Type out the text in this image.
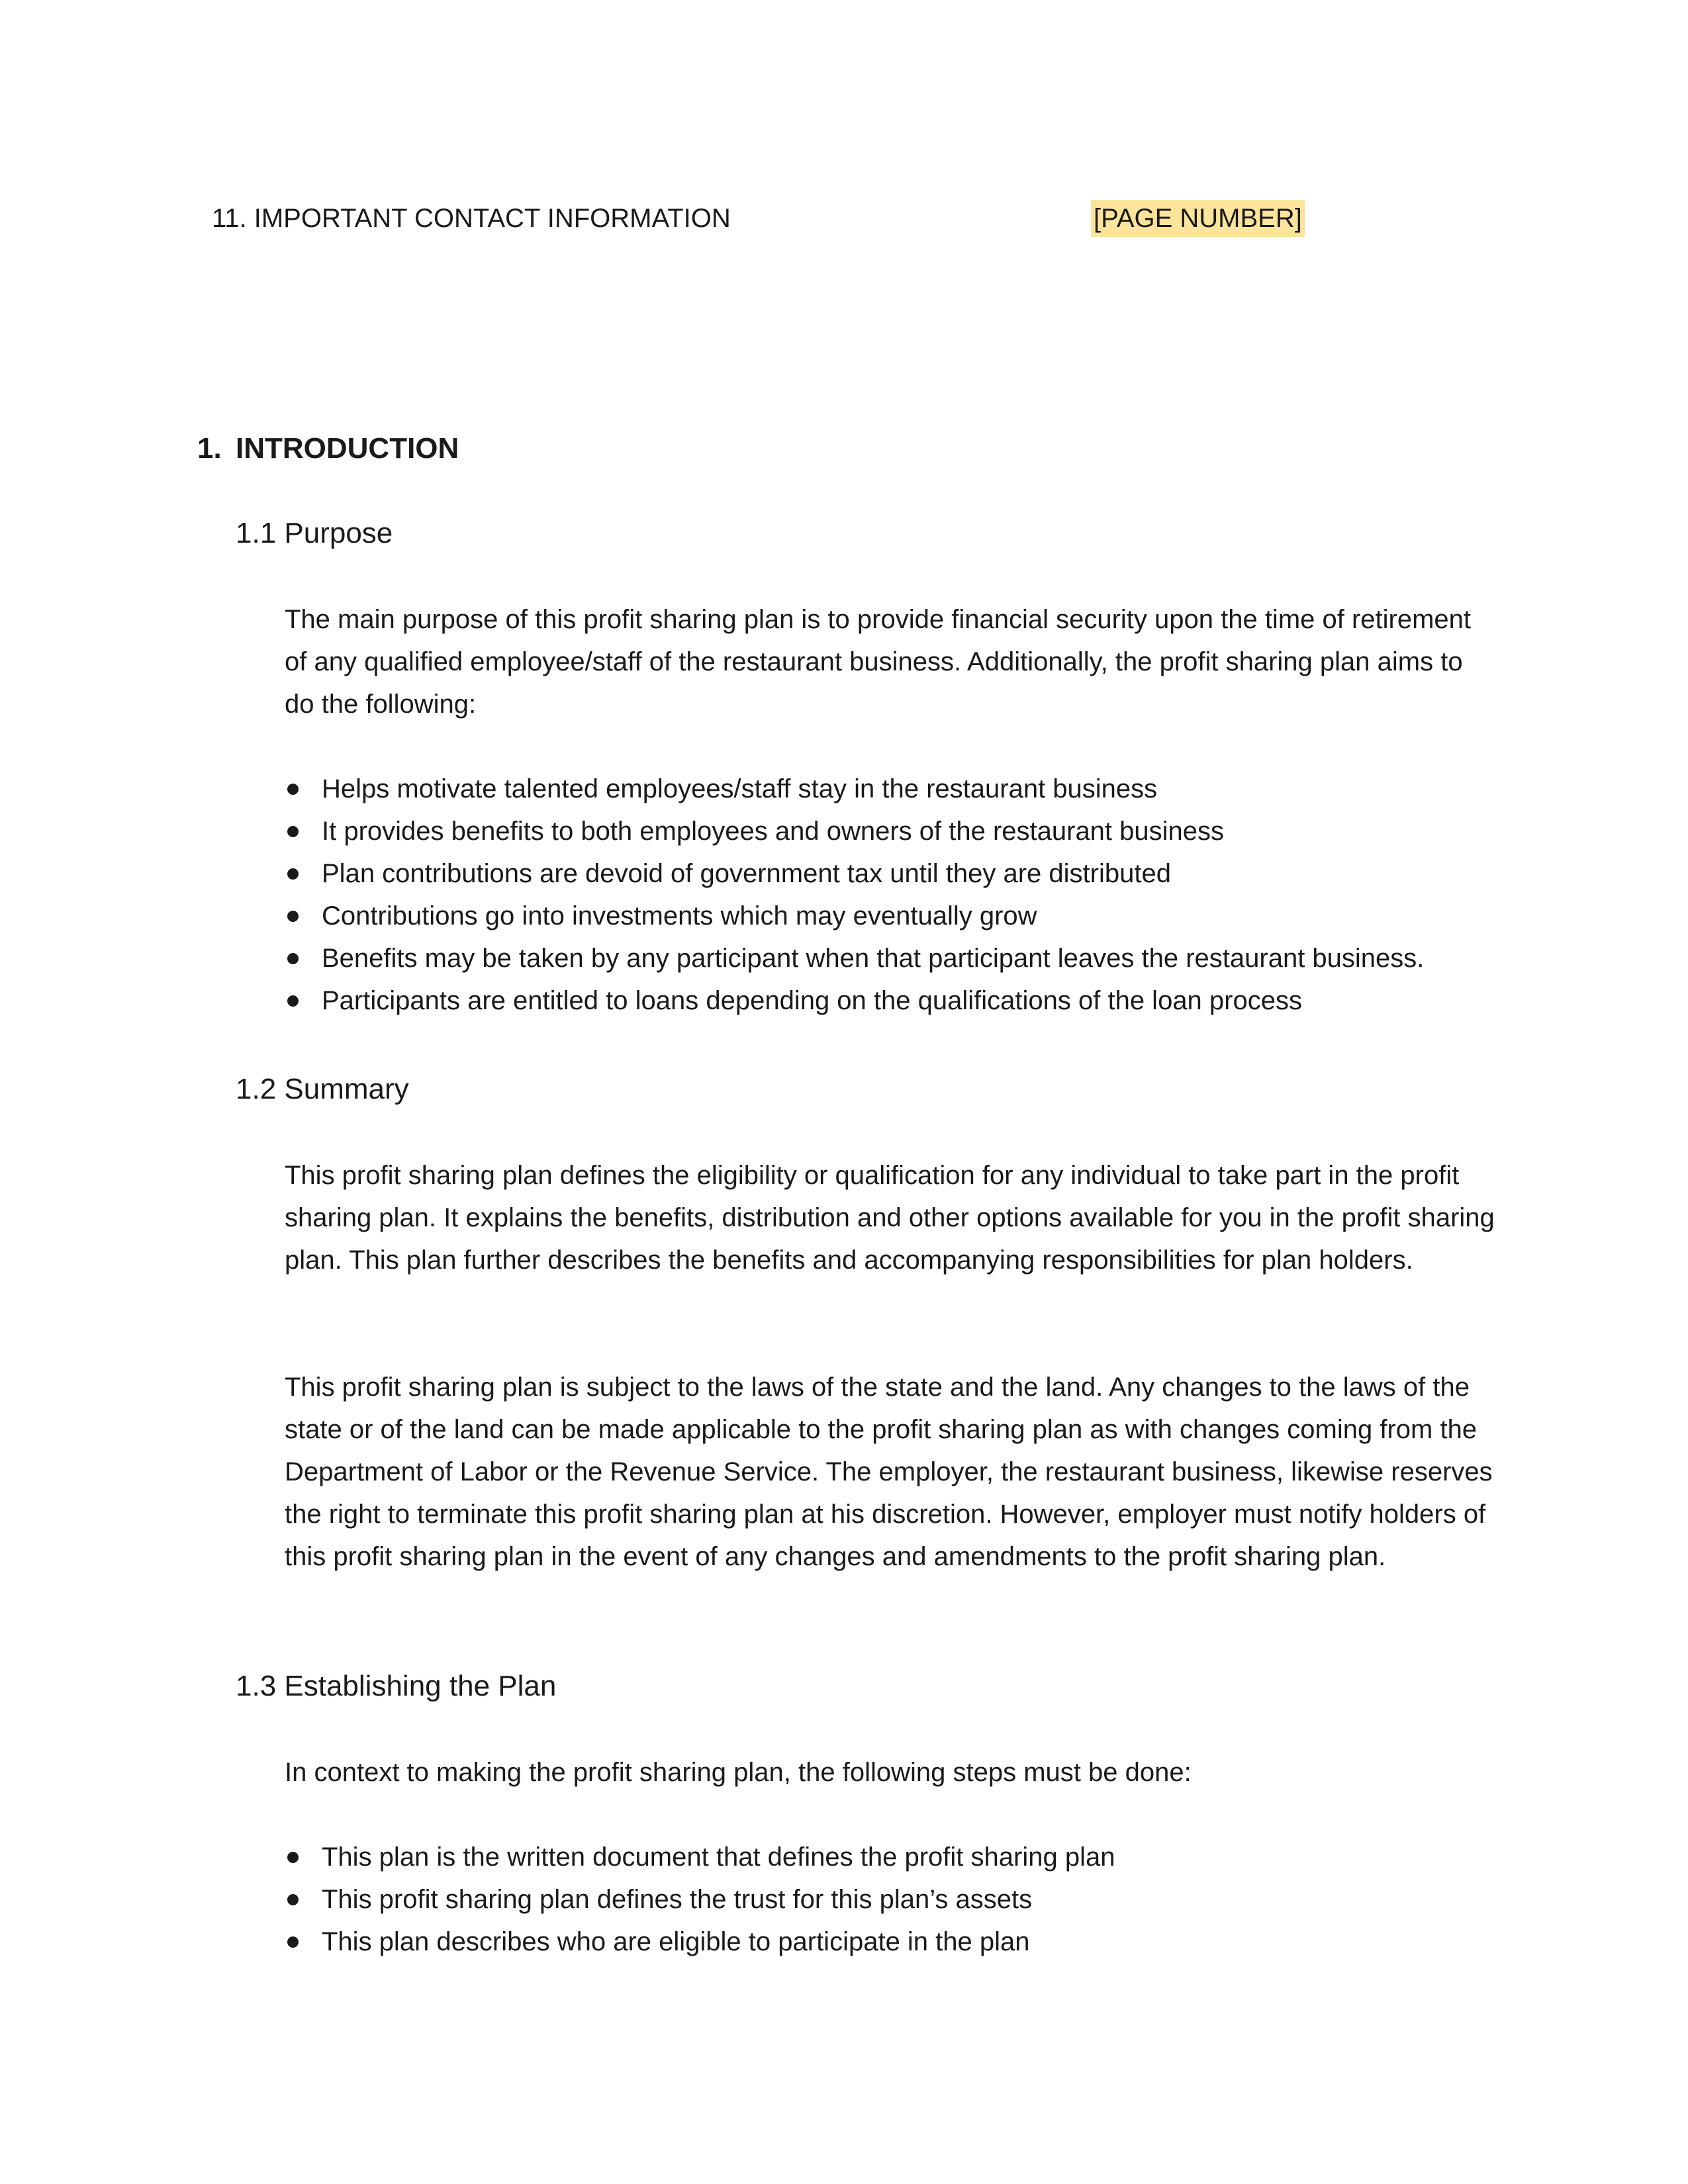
11. IMPORTANT CONTACT INFORMATION	[PAGE NUMBER]
1. INTRODUCTION
1.1 Purpose

The main purpose of this profit sharing plan is to provide financial security upon the time of retirement of any qualified employee/staff of the restaurant business. Additionally, the profit sharing plan aims to do the following:

Helps motivate talented employees/staff stay in the restaurant business
It provides benefits to both employees and owners of the restaurant business
Plan contributions are devoid of government tax until they are distributed
Contributions go into investments which may eventually grow
Benefits may be taken by any participant when that participant leaves the restaurant business.
Participants are entitled to loans depending on the qualifications of the loan process
1.2 Summary

This profit sharing plan defines the eligibility or qualification for any individual to take part in the profit sharing plan. It explains the benefits, distribution and other options available for you in the profit sharing plan. This plan further describes the benefits and accompanying responsibilities for plan holders.

This profit sharing plan is subject to the laws of the state and the land. Any changes to the laws of the state or of the land can be made applicable to the profit sharing plan as with changes coming from the Department of Labor or the Revenue Service. The employer, the restaurant business, likewise reserves the right to terminate this profit sharing plan at his discretion. However, employer must notify holders of this profit sharing plan in the event of any changes and amendments to the profit sharing plan.

1.3 Establishing the Plan

In context to making the profit sharing plan, the following steps must be done:

This plan is the written document that defines the profit sharing plan
This profit sharing plan defines the trust for this plan’s assets
This plan describes who are eligible to participate in the plan
